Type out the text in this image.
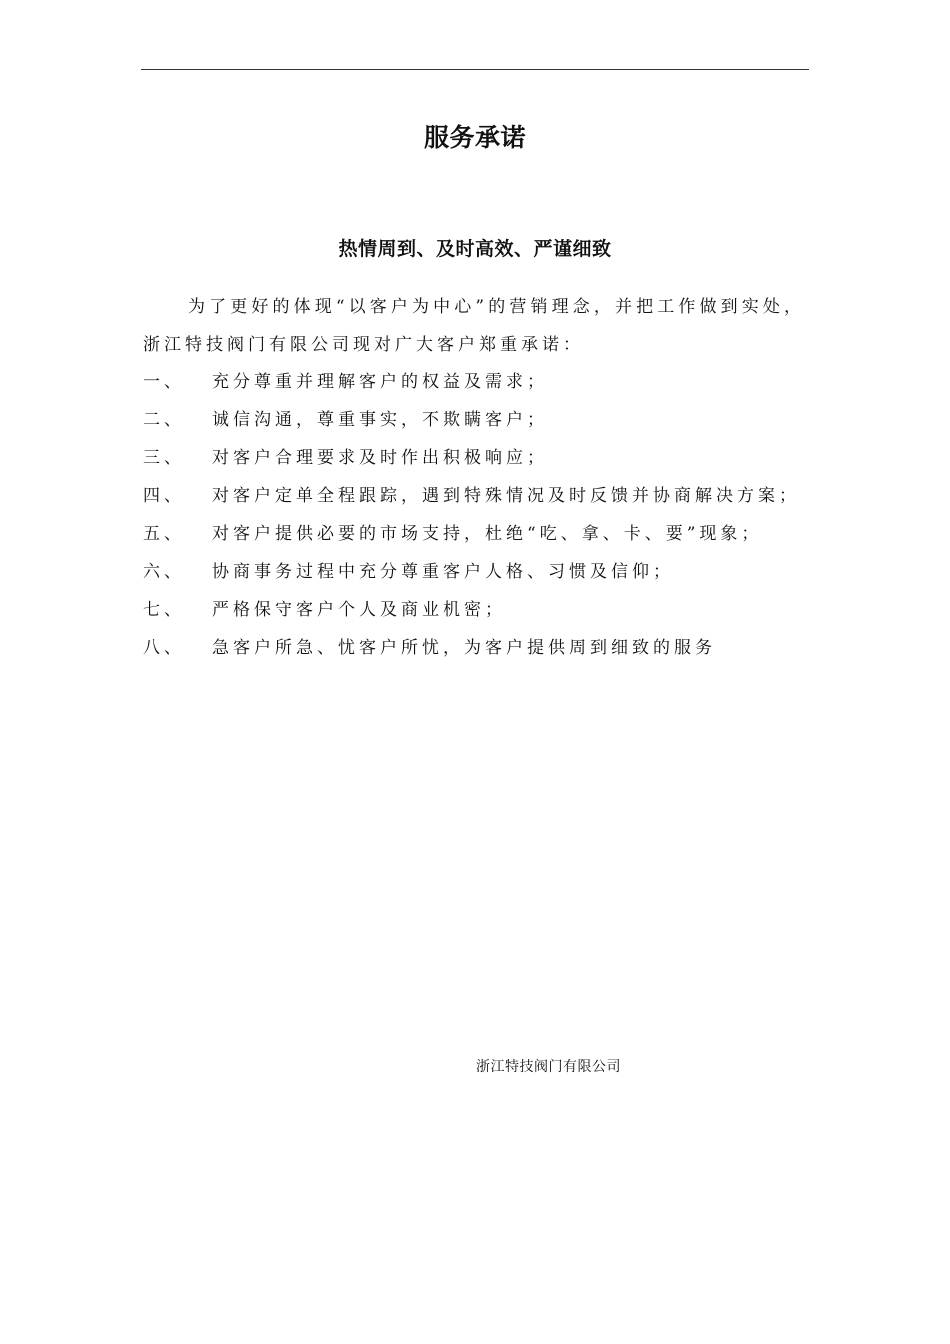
服务承诺
热情周到、及时高效、严谨细致

为了更好的体现“以客户为中心”的营销理念，并把工作做到实处，浙江特技阀门有限公司现对广大客户郑重承诺：

一、	充分尊重并理解客户的权益及需求；
二、	诚信沟通，尊重事实，不欺瞒客户；
三、	对客户合理要求及时作出积极响应；
四、	对客户定单全程跟踪，遇到特殊情况及时反馈并协商解决方案；
五、	对客户提供必要的市场支持，杜绝“吃、拿、卡、要”现象；
六、	协商事务过程中充分尊重客户人格、习惯及信仰；
七、	严格保守客户个人及商业机密；
八、	急客户所急、忧客户所忧，为客户提供周到细致的服务
浙江特技阀门有限公司
